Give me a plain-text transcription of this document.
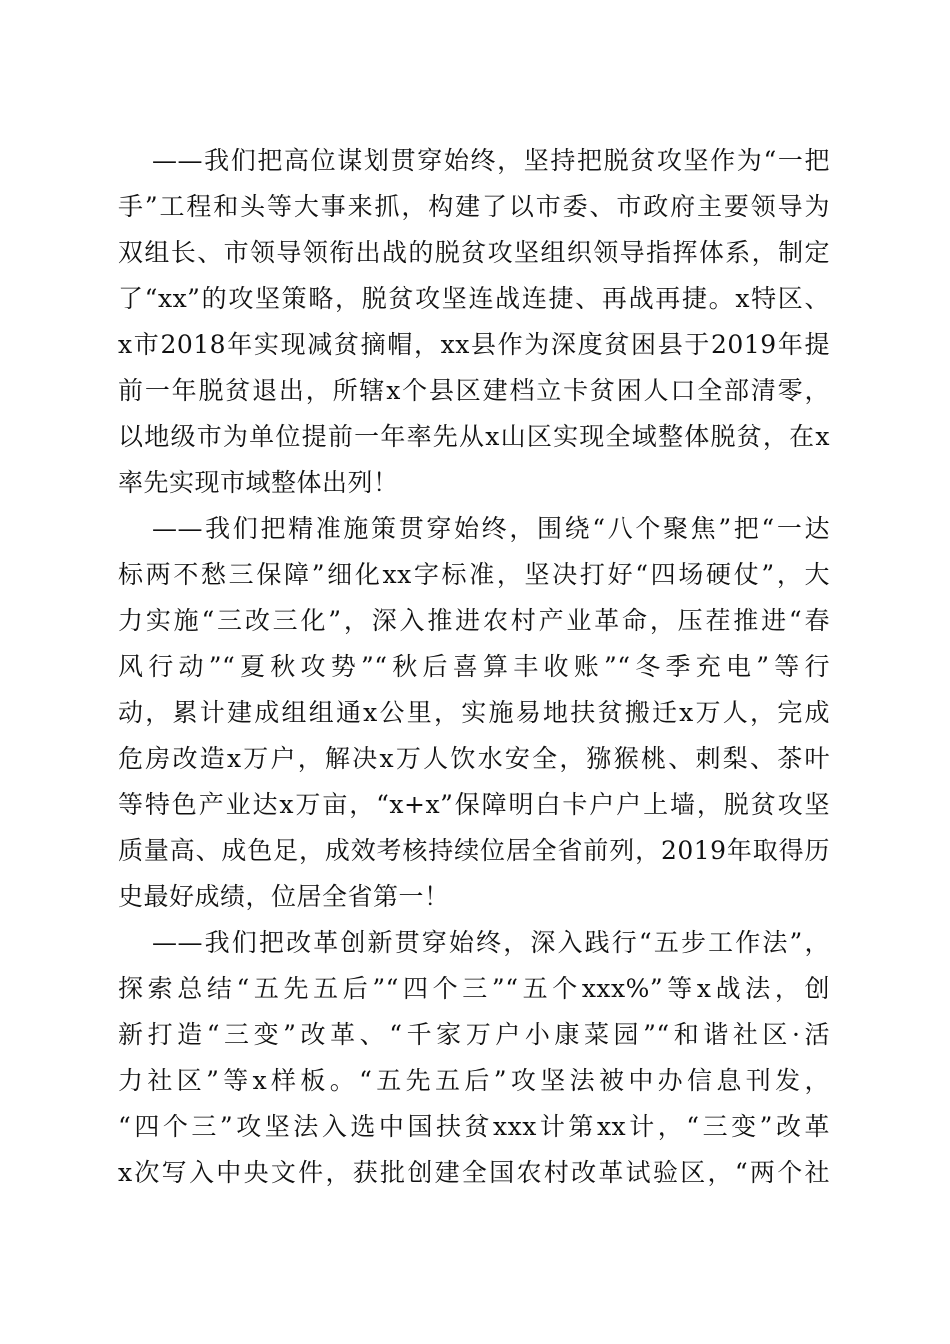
——我们把高位谋划贯穿始终，坚持把脱贫攻坚作为“一把
手”工程和头等大事来抓，构建了以市委、市政府主要领导为
双组长、市领导领衔出战的脱贫攻坚组织领导指挥体系，制定
了“xx”的攻坚策略，脱贫攻坚连战连捷、再战再捷。x特区、
x市2018年实现减贫摘帽，xx县作为深度贫困县于2019年提
前一年脱贫退出，所辖x个县区建档立卡贫困人口全部清零，
以地级市为单位提前一年率先从x山区实现全域整体脱贫，在x
率先实现市域整体出列！
——我们把精准施策贯穿始终，围绕“八个聚焦”把“一达
标两不愁三保障”细化xx字标准，坚决打好“四场硬仗”，大
力实施“三改三化”，深入推进农村产业革命，压茬推进“春
风行动”“夏秋攻势”“秋后喜算丰收账”“冬季充电”等行
动，累计建成组组通x公里，实施易地扶贫搬迁x万人，完成
危房改造x万户，解决x万人饮水安全，猕猴桃、刺梨、茶叶
等特色产业达x万亩，“x+x”保障明白卡户户上墙，脱贫攻坚
质量高、成色足，成效考核持续位居全省前列，2019年取得历
史最好成绩，位居全省第一！
——我们把改革创新贯穿始终，深入践行“五步工作法”，
探索总结“五先五后”“四个三”“五个xxx%”等x战法，创
新打造“三变”改革、“千家万户小康菜园”“和谐社区·活
力社区”等x样板。“五先五后”攻坚法被中办信息刊发，
“四个三”攻坚法入选中国扶贫xxx计第xx计，“三变”改革
x次写入中央文件，获批创建全国农村改革试验区，“两个社
